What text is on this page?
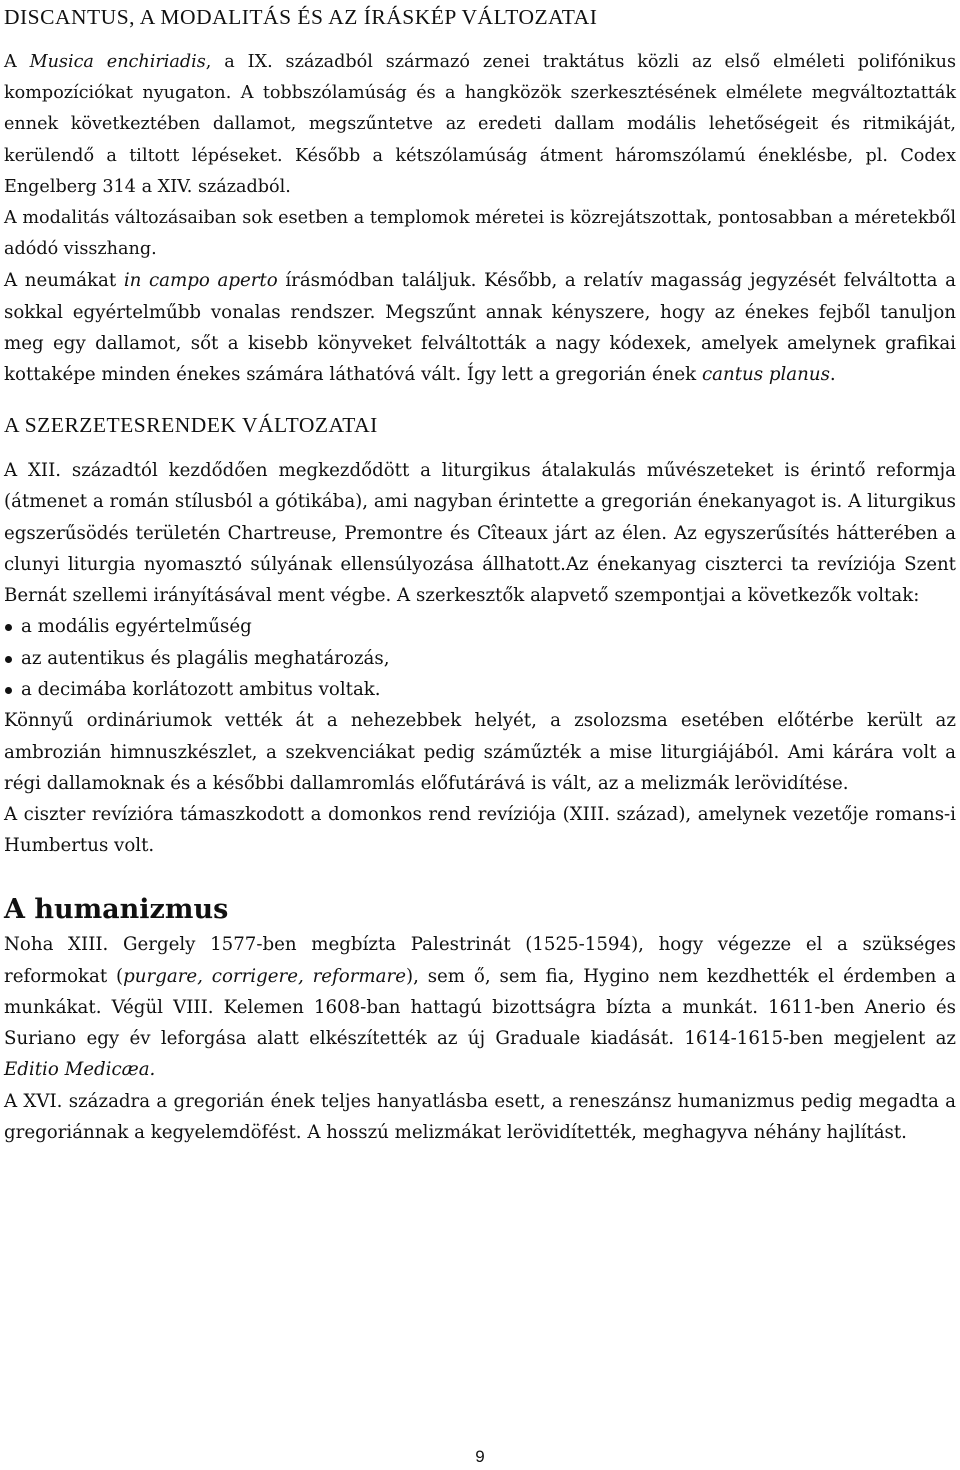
DISCANTUS, A MODALITÁS ÉS AZ ÍRÁSKÉP VÁLTOZATAI

A Musica enchiriadis, a IX. századból származó zenei traktátus közli az első elméleti polifónikus kompozíciókat nyugaton. A tobbszólamúság és a hangközök szerkesztésének elmélete megváltoztatták ennek következtében dallamot, megszűntetve az eredeti dallam modális lehetőségeit és ritmikáját, kerülendő a tiltott lépéseket. Később a kétszólamúság átment háromszólamú éneklésbe, pl. Codex Engelberg 314 a XIV. századból.

A modalitás változásaiban sok esetben a templomok méretei is közrejátszottak, pontosabban a méretekből adódó visszhang.

A neumákat in campo aperto írásmódban találjuk. Később, a relatív magasság jegyzését felváltotta a sokkal egyértelműbb vonalas rendszer. Megszűnt annak kényszere, hogy az énekes fejből tanuljon meg egy dallamot, sőt a kisebb könyveket felváltották a nagy kódexek, amelyek amelynek grafikai kottaképe minden énekes számára láthatóvá vált. Így lett a gregorián ének cantus planus.

A SZERZETESRENDEK VÁLTOZATAI

A XII. századtól kezdődően megkezdődött a liturgikus átalakulás művészeteket is érintő reformja (átmenet a román stílusból a gótikába), ami nagyban érintette a gregorián énekanyagot is. A liturgikus egszerűsödés területén Chartreuse, Premontre és Cîteaux járt az élen. Az egyszerűsítés hátterében a clunyi liturgia nyomasztó súlyának ellensúlyozása állhatott.Az énekanyag ciszterci ta revíziója Szent Bernát szellemi irányításával ment végbe. A szerkesztők alapvető szempontjai a következők voltak:

a modális egyértelműség
az autentikus és plagális meghatározás,
a decimába korlátozott ambitus voltak.

Könnyű ordináriumok vették át a nehezebbek helyét, a zsolozsma esetében előtérbe került az ambrozián himnuszkészlet, a szekvenciákat pedig száműzték a mise liturgiájából. Ami kárára volt a régi dallamoknak és a későbbi dallamromlás előfutárává is vált, az a melizmák lerövidítése.

A ciszter revízióra támaszkodott a domonkos rend revíziója (XIII. század), amelynek vezetője romans-i Humbertus volt.

A humanizmus

Noha XIII. Gergely 1577-ben megbízta Palestrinát (1525-1594), hogy végezze el a szükséges reformokat (purgare, corrigere, reformare), sem ő, sem fia, Hygino nem kezdhették el érdemben a munkákat. Végül VIII. Kelemen 1608-ban hattagú bizottságra bízta a munkát. 1611-ben Anerio és Suriano egy év leforgása alatt elkészítették az új Graduale kiadását. 1614-1615-ben megjelent az Editio Medicæa.

A XVI. századra a gregorián ének teljes hanyatlásba esett, a reneszánsz humanizmus pedig megadta a gregoriánnak a kegyelemdöfést. A hosszú melizmákat lerövidítették, meghagyva néhány hajlítást.

9
